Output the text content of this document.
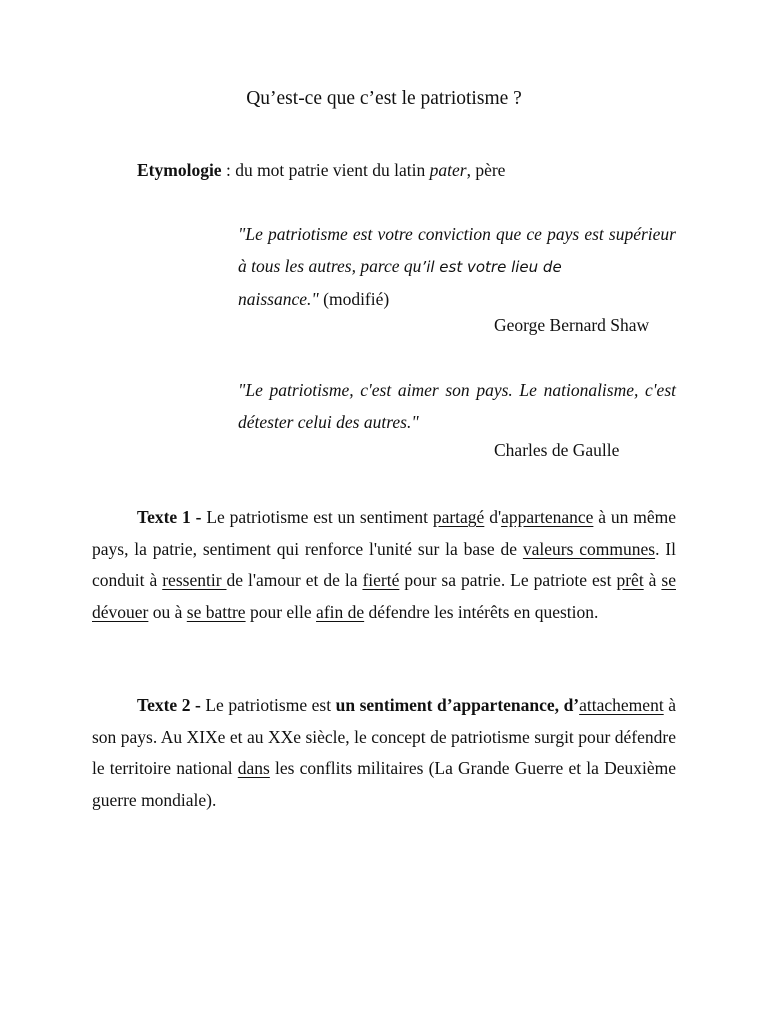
Qu’est-ce que c’est le patriotisme ?
Etymologie : du mot patrie vient du latin pater, père
"Le patriotisme est votre conviction que ce pays est supérieur à tous les autres, parce qu’il est votre lieu de
naissance." (modifié)
George Bernard Shaw
"Le patriotisme, c'est aimer son pays. Le nationalisme, c'est détester celui des autres."
Charles de Gaulle
Texte 1 - Le patriotisme est un sentiment partagé d'appartenance à un même pays, la patrie, sentiment qui renforce l'unité sur la base de valeurs communes. Il conduit à ressentir de l'amour et de la fierté pour sa patrie. Le patriote est prêt à se dévouer ou à se battre pour elle afin de défendre les intérêts en question.
Texte 2 - Le patriotisme est un sentiment d’appartenance, d’attachement à son pays. Au XIXe et au XXe siècle, le concept de patriotisme surgit pour défendre le territoire national dans les conflits militaires (La Grande Guerre et la Deuxième guerre mondiale).
